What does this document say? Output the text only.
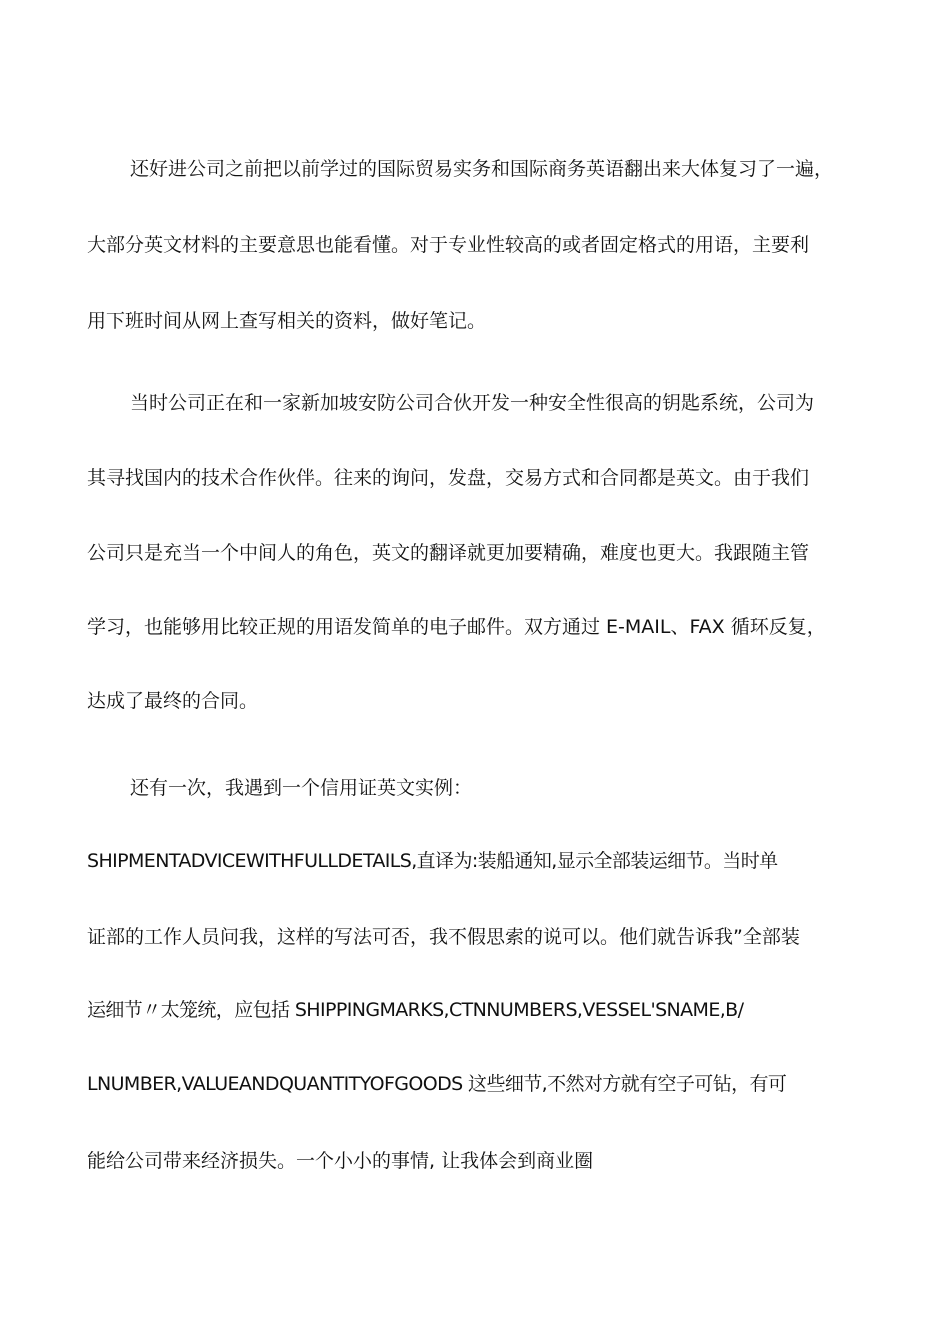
还好进公司之前把以前学过的国际贸易实务和国际商务英语翻出来大体复习了一遍，
大部分英文材料的主要意思也能看懂。对于专业性较高的或者固定格式的用语，主要利
用下班时间从网上查写相关的资料，做好笔记。
当时公司正在和一家新加坡安防公司合伙开发一种安全性很高的钥匙系统，公司为
其寻找国内的技术合作伙伴。往来的询问，发盘，交易方式和合同都是英文。由于我们
公司只是充当一个中间人的角色，英文的翻译就更加要精确，难度也更大。我跟随主管
学习，也能够用比较正规的用语发简单的电子邮件。双方通过 E-MAIL、FAX 循环反复，
达成了最终的合同。
还有一次，我遇到一个信用证英文实例：
SHIPMENTADVICEWITHFULLDETAILS,直译为:装船通知,显示全部装运细节。当时单
证部的工作人员问我，这样的写法可否，我不假思索的说可以。他们就告诉我”全部装
运细节〃太笼统，应包括 SHIPPINGMARKS,CTNNUMBERS,VESSEL'SNAME,B/
LNUMBER,VALUEANDQUANTITYOFGOODS 这些细节,不然对方就有空子可钻，有可
能给公司带来经济损失。一个小小的事情, 让我体会到商业圈
